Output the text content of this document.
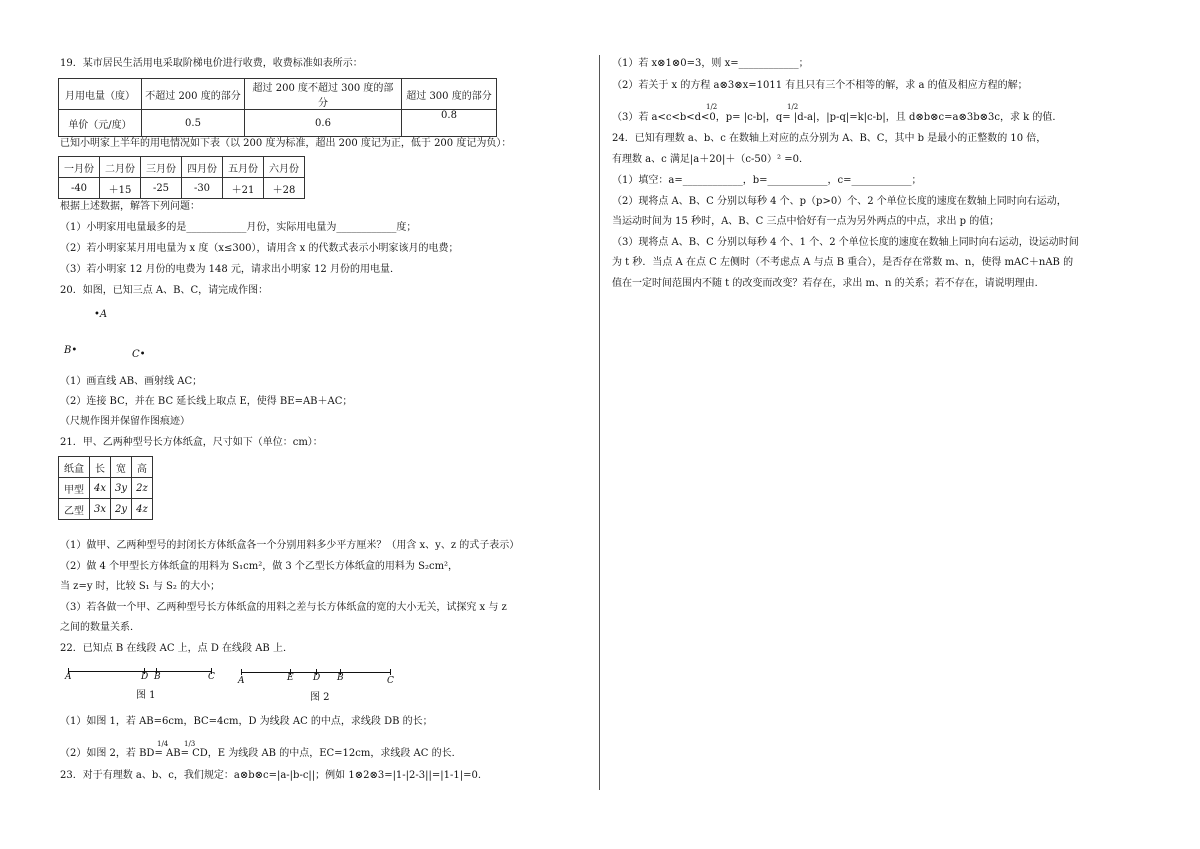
19．某市居民生活用电采取阶梯电价进行收费，收费标准如表所示：
月用电量（度）	不超过 200 度的部分	超过 200 度不超过 300 度的部分	超过 300 度的部分
单价（元/度）	0.5	0.6	0.8
已知小明家上半年的用电情况如下表（以 200 度为标准，超出 200 度记为正，低于 200 度记为负）：
一月份	二月份	三月份	四月份	五月份	六月份
-40	＋15	-25	-30	＋21	＋28
根据上述数据，解答下列问题：
（1）小明家用电量最多的是____________月份，实际用电量为____________度；
（2）若小明家某月用电量为 x 度（x≤300），请用含 x 的代数式表示小明家该月的电费；
（3）若小明家 12 月份的电费为 148 元，请求出小明家 12 月份的用电量．
20．如图，已知三点 A、B、C，请完成作图：
•A
B•	C•
（1）画直线 AB、画射线 AC；
（2）连接 BC，并在 BC 延长线上取点 E，使得 BE=AB＋AC；
（尺规作图并保留作图痕迹）
21．甲、乙两种型号长方体纸盒，尺寸如下（单位：cm）：
纸盒	长	宽	高
甲型	4x	3y	2z
乙型	3x	2y	4z
（1）做甲、乙两种型号的封闭长方体纸盒各一个分别用料多少平方厘米？（用含 x、y、z 的式子表示）
（2）做 4 个甲型长方体纸盒的用料为 S₁cm²，做 3 个乙型长方体纸盒的用料为 S₂cm²，
当 z=y 时，比较 S₁ 与 S₂ 的大小；
（3）若各做一个甲、乙两种型号长方体纸盒的用料之差与长方体纸盒的宽的大小无关，试探究 x 与 z
之间的数量关系．
22．已知点 B 在线段 AC 上，点 D 在线段 AB 上．
A	D B	C
图 1
A	E D B	C
图 2
（1）如图 1，若 AB=6cm，BC=4cm，D 为线段 AC 的中点，求线段 DB 的长；
1/4 1/3
（2）如图 2，若 BD= AB= CD，E 为线段 AB 的中点，EC=12cm，求线段 AC 的长．
23．对于有理数 a、b、c，我们规定：a⊗b⊗c=|a-|b-c||；例如 1⊗2⊗3=|1-|2-3||=|1-1|=0.
（1）若 x⊗1⊗0=3，则 x=____________；
（2）若关于 x 的方程 a⊗3⊗x=1011 有且只有三个不相等的解，求 a 的值及相应方程的解；
1/2	1/2
（3）若 a<c<b<d<0，p= |c-b|，q= |d-a|，|p-q|=k|c-b|，且 d⊗b⊗c=a⊗3b⊗3c，求 k 的值．
24．已知有理数 a、b、c 在数轴上对应的点分别为 A、B、C，其中 b 是最小的正整数的 10 倍，
有理数 a、c 满足|a＋20|＋（c-50）² =0．
（1）填空：a=____________，b=____________，c=____________；
（2）现将点 A、B、C 分别以每秒 4 个、p（p>0）个、2 个单位长度的速度在数轴上同时向右运动，
当运动时间为 15 秒时，A、B、C 三点中恰好有一点为另外两点的中点，求出 p 的值；
（3）现将点 A、B、C 分别以每秒 4 个、1 个、2 个单位长度的速度在数轴上同时向右运动，设运动时间
为 t 秒．当点 A 在点 C 左侧时（不考虑点 A 与点 B 重合），是否存在常数 m、n，使得 mAC＋nAB 的
值在一定时间范围内不随 t 的改变而改变？若存在，求出 m、n 的关系；若不存在，请说明理由．
